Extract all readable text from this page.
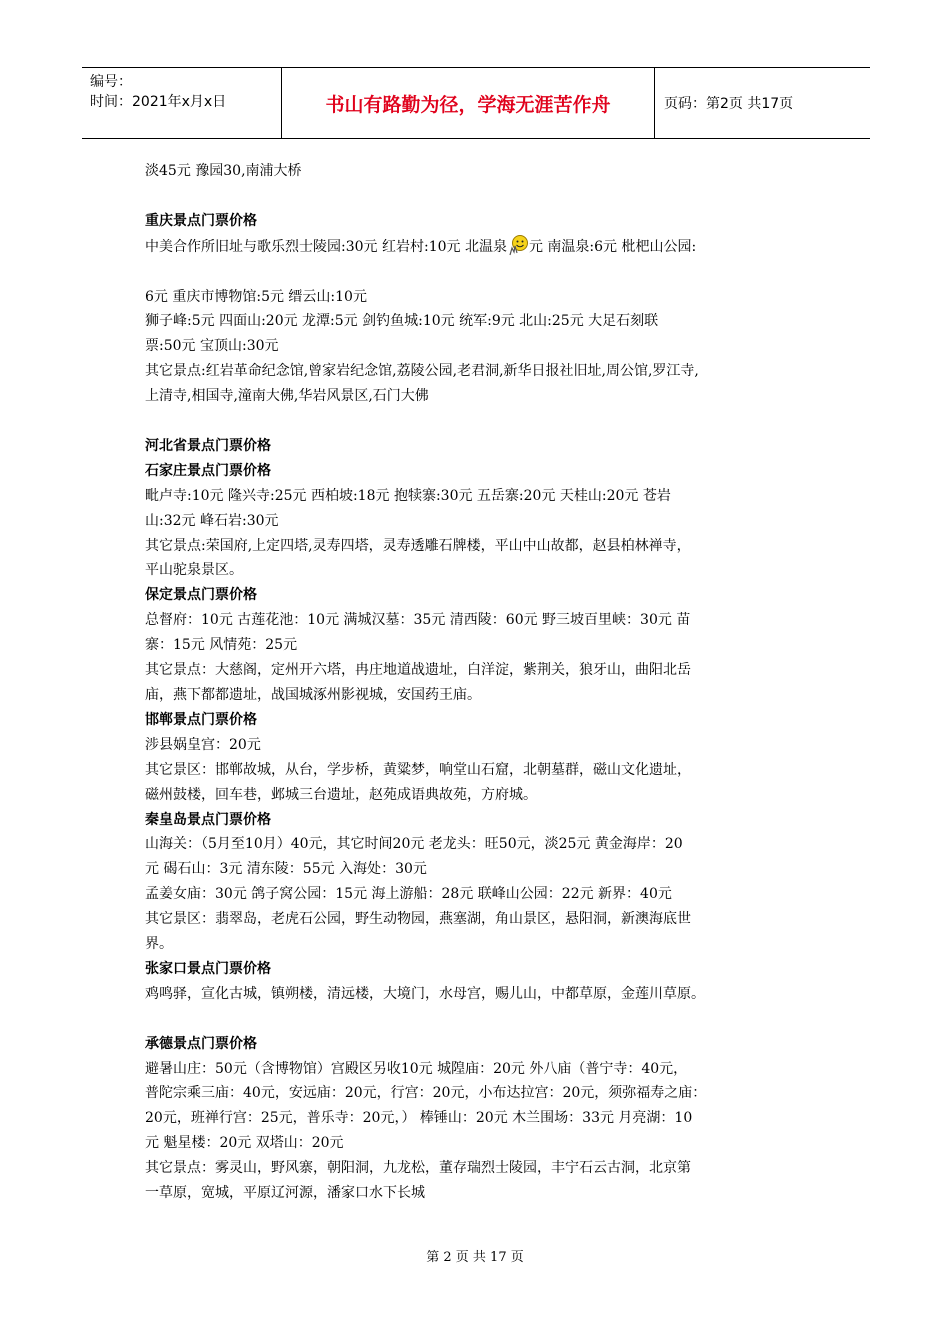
编号：
时间：2021年x月x日	书山有路勤为径，学海无涯苦作舟	页码：第2页 共17页

淡45元 豫园30,南浦大桥

重庆景点门票价格

中美合作所旧址与歌乐烈士陵园:30元 红岩村:10元 北温泉 元 南温泉:6元 枇杷山公园:

6元 重庆市博物馆:5元 缙云山:10元

狮子峰:5元 四面山:20元 龙潭:5元 剑钓鱼城:10元 统军:9元 北山:25元 大足石刻联

票:50元 宝顶山:30元

其它景点:红岩革命纪念馆,曾家岩纪念馆,荔陵公园,老君洞,新华日报社旧址,周公馆,罗江寺,

上清寺,相国寺,潼南大佛,华岩风景区,石门大佛

河北省景点门票价格

石家庄景点门票价格

毗卢寺:10元 隆兴寺:25元 西柏坡:18元 抱犊寨:30元 五岳寨:20元 天桂山:20元 苍岩

山:32元 峰石岩:30元

其它景点:荣国府,上定四塔,灵寿四塔，灵寿透雕石牌楼，平山中山故都，赵县柏林禅寺，

平山驼泉景区。

保定景点门票价格

总督府：10元 古莲花池：10元 满城汉墓：35元 清西陵：60元 野三坡百里峡：30元 苗

寨：15元 风情苑：25元

其它景点：大慈阁，定州开六塔，冉庄地道战遗址，白洋淀，紫荆关，狼牙山，曲阳北岳

庙，燕下都都遗址，战国城涿州影视城，安国药王庙。

邯郸景点门票价格

涉县娲皇宫：20元

其它景区：邯郸故城，从台，学步桥，黄粱梦，响堂山石窟，北朝墓群，磁山文化遗址，

磁州鼓楼，回车巷，邺城三台遗址，赵苑成语典故苑，方府城。

秦皇岛景点门票价格

山海关：（5月至10月）40元，其它时间20元 老龙头：旺50元，淡25元 黄金海岸：20

元 碣石山：3元 清东陵：55元 入海处：30元

孟姜女庙：30元 鸽子窝公园：15元 海上游船：28元 联峰山公园：22元 新界：40元

其它景区：翡翠岛，老虎石公园，野生动物园，燕塞湖，角山景区，悬阳洞，新澳海底世

界。

张家口景点门票价格

鸡鸣驿，宣化古城，镇朔楼，清远楼，大境门，水母宫，赐儿山，中都草原，金莲川草原。

承德景点门票价格

避暑山庄：50元（含博物馆）宫殿区另收10元 城隍庙：20元 外八庙（普宁寺：40元，

普陀宗乘三庙：40元，安远庙：20元，行宫：20元，小布达拉宫：20元，须弥福寿之庙：

20元，班禅行宫：25元，普乐寺：20元，） 棒锤山：20元 木兰围场：33元 月亮湖：10

元 魁星楼：20元 双塔山：20元

其它景点：雾灵山，野风寨，朝阳洞，九龙松，董存瑞烈士陵园，丰宁石云古洞，北京第

一草原，宽城，平原辽河源，潘家口水下长城

第 2 页 共 17 页
